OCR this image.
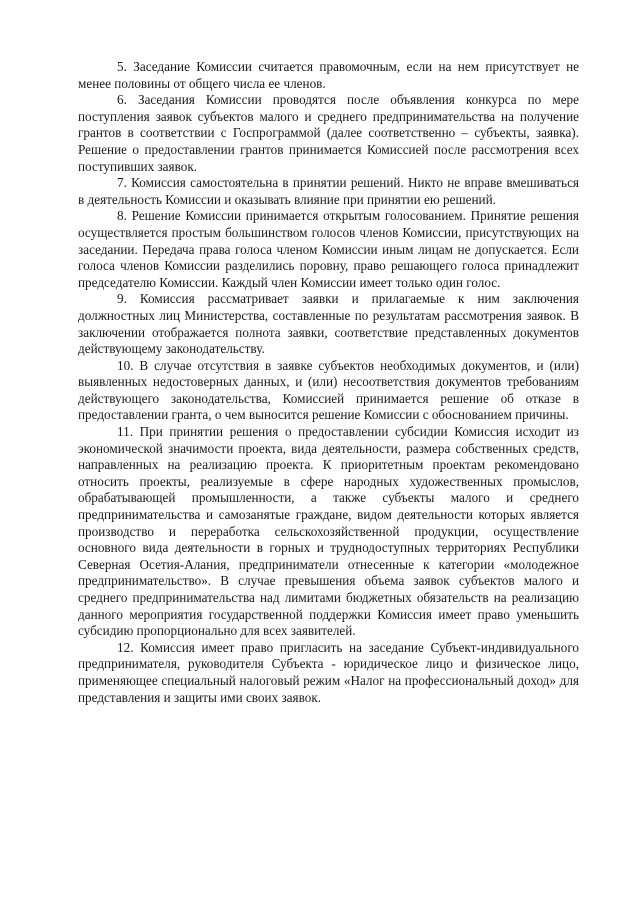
5. Заседание Комиссии считается правомочным, если на нем присутствует не менее половины от общего числа ее членов.

6. Заседания Комиссии проводятся после объявления конкурса по мере поступления заявок субъектов малого и среднего предпринимательства на получение грантов в соответствии с Госпрограммой (далее соответственно – субъекты, заявка). Решение о предоставлении грантов принимается Комиссией после рассмотрения всех поступивших заявок.

7. Комиссия самостоятельна в принятии решений. Никто не вправе вмешиваться в деятельность Комиссии и оказывать влияние при принятии ею решений.

8. Решение Комиссии принимается открытым голосованием. Принятие решения осуществляется простым большинством голосов членов Комиссии, присутствующих на заседании. Передача права голоса членом Комиссии иным лицам не допускается. Если голоса членов Комиссии разделились поровну, право решающего голоса принадлежит председателю Комиссии. Каждый член Комиссии имеет только один голос.

9. Комиссия рассматривает заявки и прилагаемые к ним заключения должностных лиц Министерства, составленные по результатам рассмотрения заявок. В заключении отображается полнота заявки, соответствие представленных документов действующему законодательству.

10. В случае отсутствия в заявке субъектов необходимых документов, и (или) выявленных недостоверных данных, и (или) несоответствия документов требованиям действующего законодательства, Комиссией принимается решение об отказе в предоставлении гранта, о чем выносится решение Комиссии с обоснованием причины.

11. При принятии решения о предоставлении субсидии Комиссия исходит из экономической значимости проекта, вида деятельности, размера собственных средств, направленных на реализацию проекта. К приоритетным проектам рекомендовано относить проекты, реализуемые в сфере народных художественных промыслов, обрабатывающей промышленности, а также субъекты малого и среднего предпринимательства и самозанятые граждане, видом деятельности которых является производство и переработка сельскохозяйственной продукции, осуществление основного вида деятельности в горных и труднодоступных территориях Республики Северная Осетия-Алания, предприниматели отнесенные к категории «молодежное предпринимательство». В случае превышения объема заявок субъектов малого и среднего предпринимательства над лимитами бюджетных обязательств на реализацию данного мероприятия государственной поддержки Комиссия имеет право уменьшить субсидию пропорционально для всех заявителей.

12. Комиссия имеет право пригласить на заседание Субъект-индивидуального предпринимателя, руководителя Субъекта - юридическое лицо и физическое лицо, применяющее специальный налоговый режим «Налог на профессиональный доход» для представления и защиты ими своих заявок.
